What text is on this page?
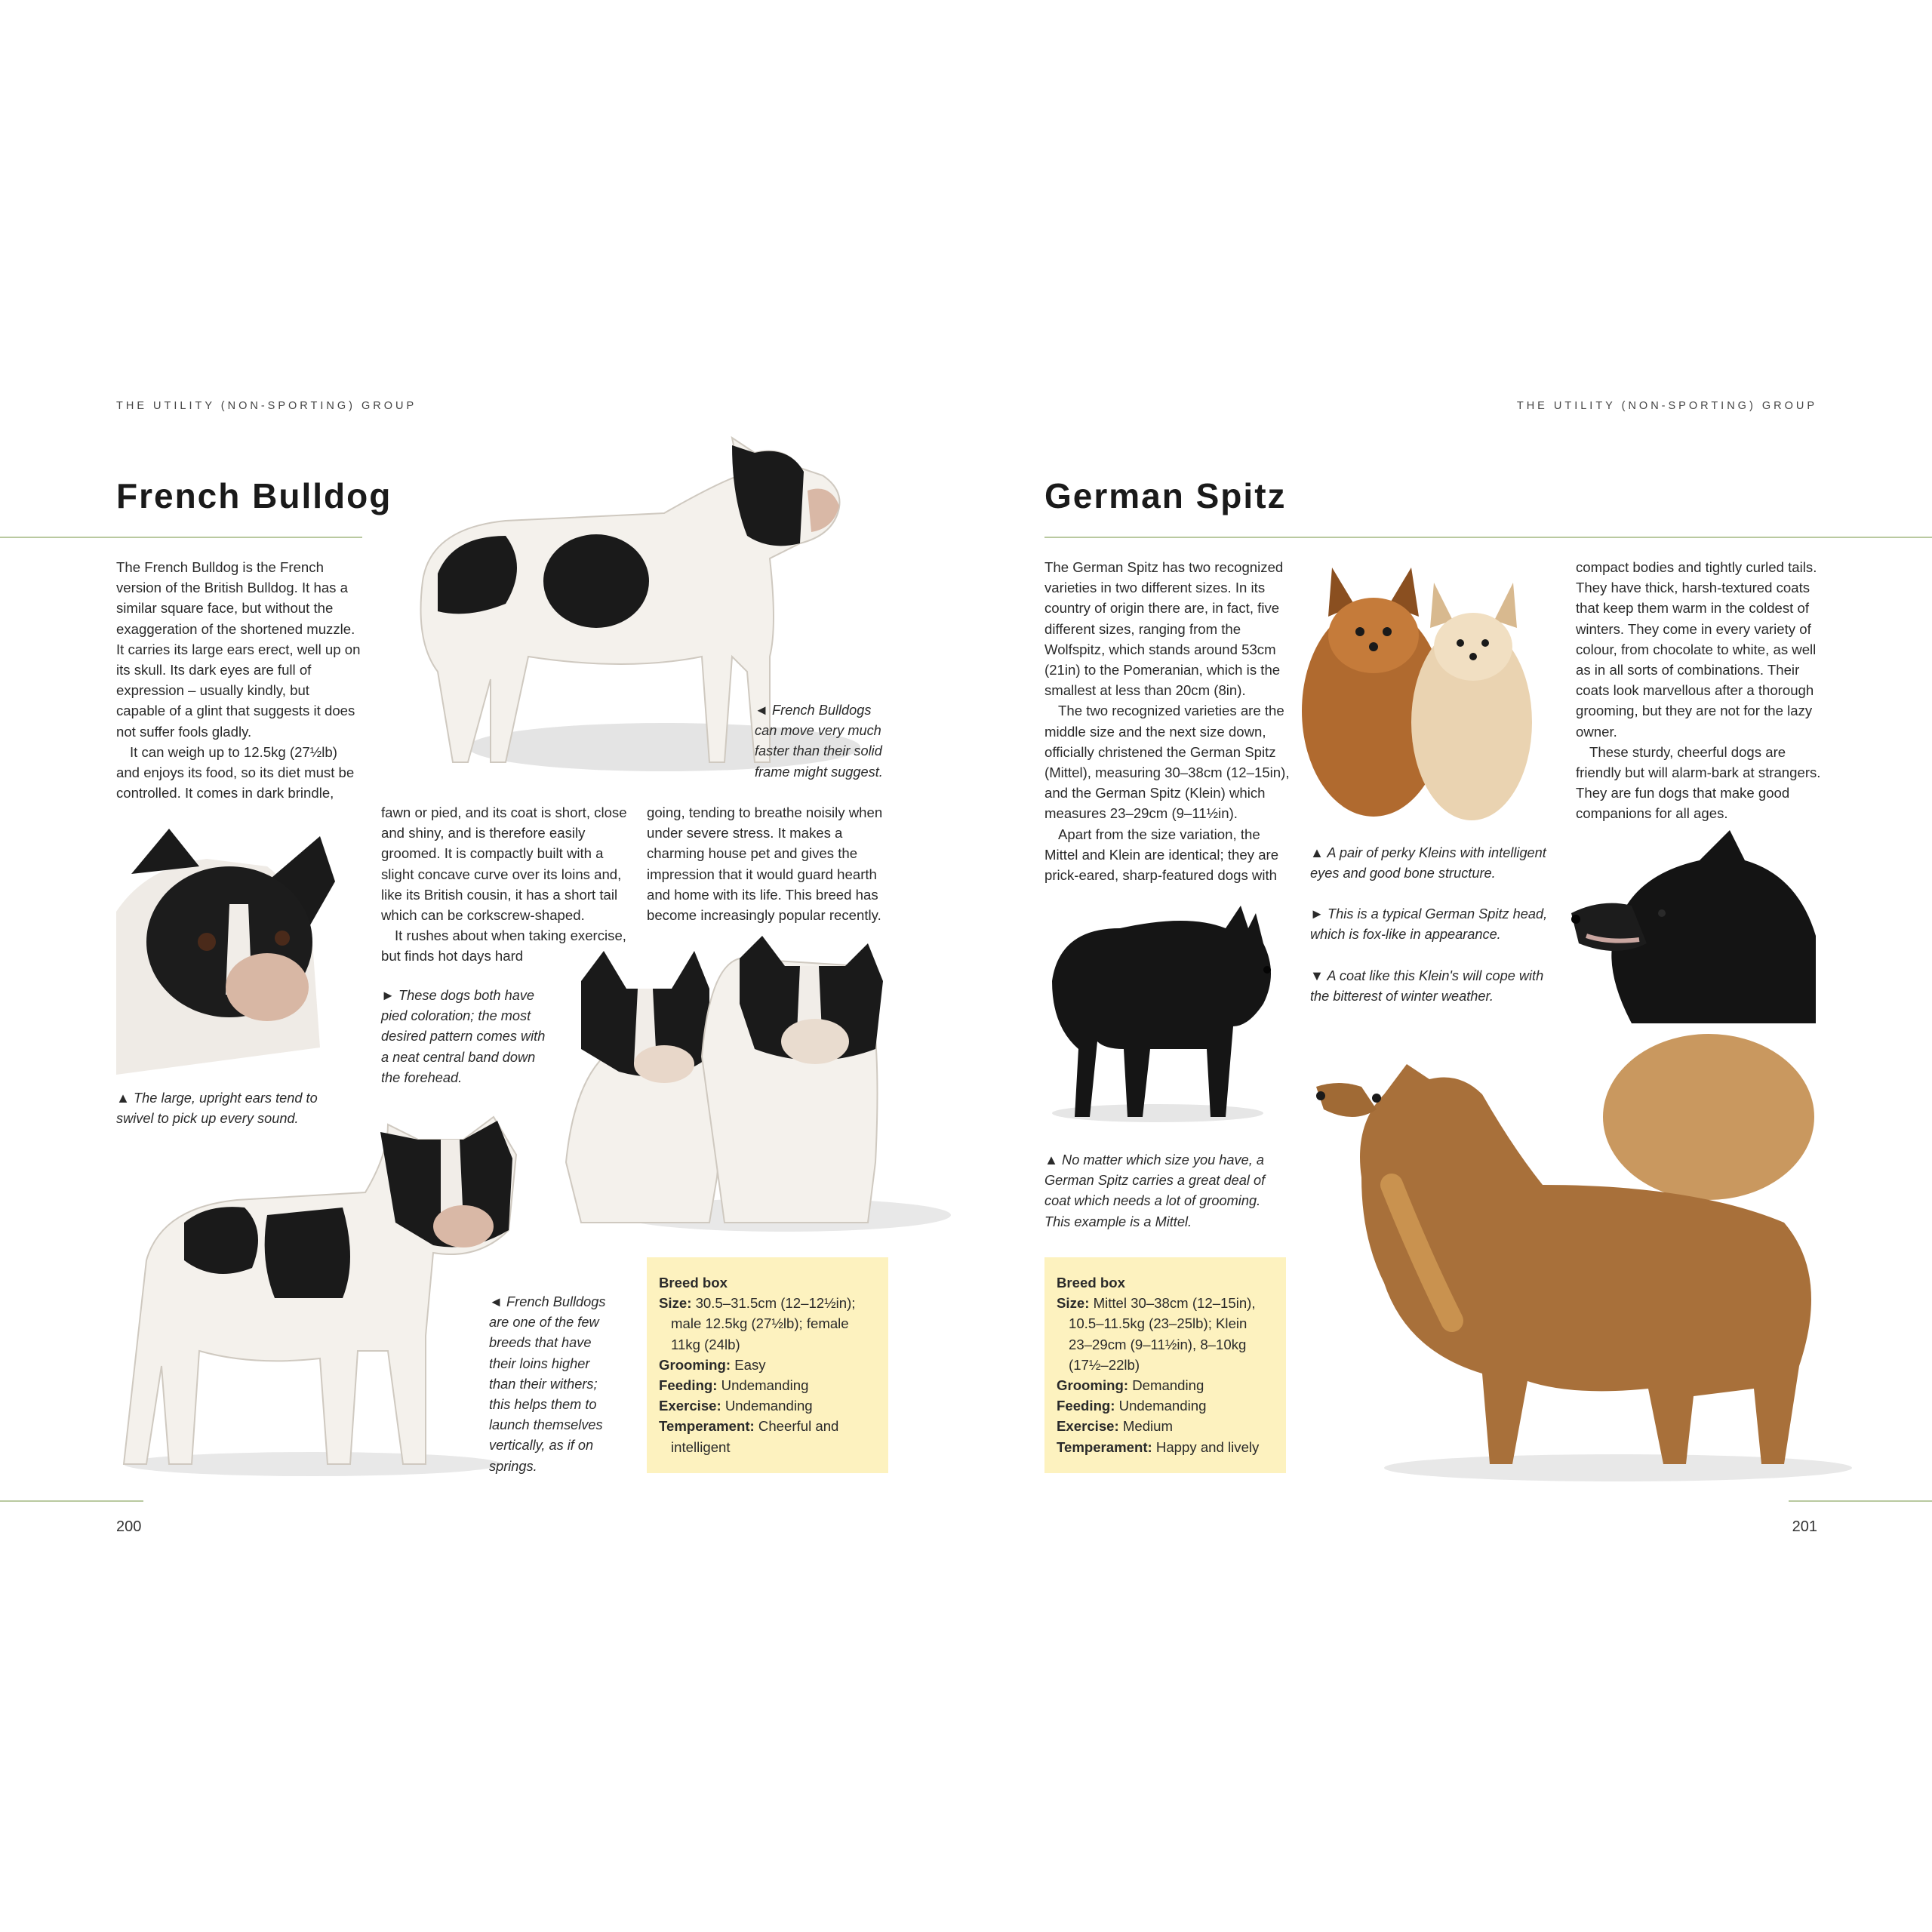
THE UTILITY (NON-SPORTING) GROUP
French Bulldog

The French Bulldog is the French version of the British Bulldog. It has a similar square face, but without the exaggeration of the shortened muzzle. It carries its large ears erect, well up on its skull. Its dark eyes are full of expression – usually kindly, but capable of a glint that suggests it does not suffer fools gladly.

It can weigh up to 12.5kg (27½lb) and enjoys its food, so its diet must be controlled. It comes in dark brindle,

◄ French Bulldogs can move very much faster than their solid frame might suggest.
▲ The large, upright ears tend to swivel to pick up every sound.

fawn or pied, and its coat is short, close and shiny, and is therefore easily groomed. It is compactly built with a slight concave curve over its loins and, like its British cousin, it has a short tail which can be corkscrew-shaped.

It rushes about when taking exercise, but finds hot days hard

going, tending to breathe noisily when under severe stress. It makes a charming house pet and gives the impression that it would guard hearth and home with its life. This breed has become increasingly popular recently.

► These dogs both have pied coloration; the most desired pattern comes with a neat central band down the forehead.
◄ French Bulldogs are one of the few breeds that have their loins higher than their withers; this helps them to launch themselves vertically, as if on springs.
Breed box
Size: 30.5–31.5cm (12–12½in); male 12.5kg (27½lb); female 11kg (24lb)
Grooming: Easy
Feeding: Undemanding
Exercise: Undemanding
Temperament: Cheerful and intelligent
200
THE UTILITY (NON-SPORTING) GROUP
German Spitz

The German Spitz has two recognized varieties in two different sizes. In its country of origin there are, in fact, five different sizes, ranging from the Wolfspitz, which stands around 53cm (21in) to the Pomeranian, which is the smallest at less than 20cm (8in).

The two recognized varieties are the middle size and the next size down, officially christened the German Spitz (Mittel), measuring 30–38cm (12–15in), and the German Spitz (Klein) which measures 23–29cm (9–11½in).

Apart from the size variation, the Mittel and Klein are identical; they are prick-eared, sharp-featured dogs with

compact bodies and tightly curled tails. They have thick, harsh-textured coats that keep them warm in the coldest of winters. They come in every variety of colour, from chocolate to white, as well as in all sorts of combinations. Their coats look marvellous after a thorough grooming, but they are not for the lazy owner.

These sturdy, cheerful dogs are friendly but will alarm-bark at strangers. They are fun dogs that make good companions for all ages.

▲ A pair of perky Kleins with intelligent eyes and good bone structure.
► This is a typical German Spitz head, which is fox-like in appearance.
▼ A coat like this Klein's will cope with the bitterest of winter weather.
▲ No matter which size you have, a German Spitz carries a great deal of coat which needs a lot of grooming. This example is a Mittel.
Breed box
Size: Mittel 30–38cm (12–15in), 10.5–11.5kg (23–25lb); Klein 23–29cm (9–11½in), 8–10kg (17½–22lb)
Grooming: Demanding
Feeding: Undemanding
Exercise: Medium
Temperament: Happy and lively
201
